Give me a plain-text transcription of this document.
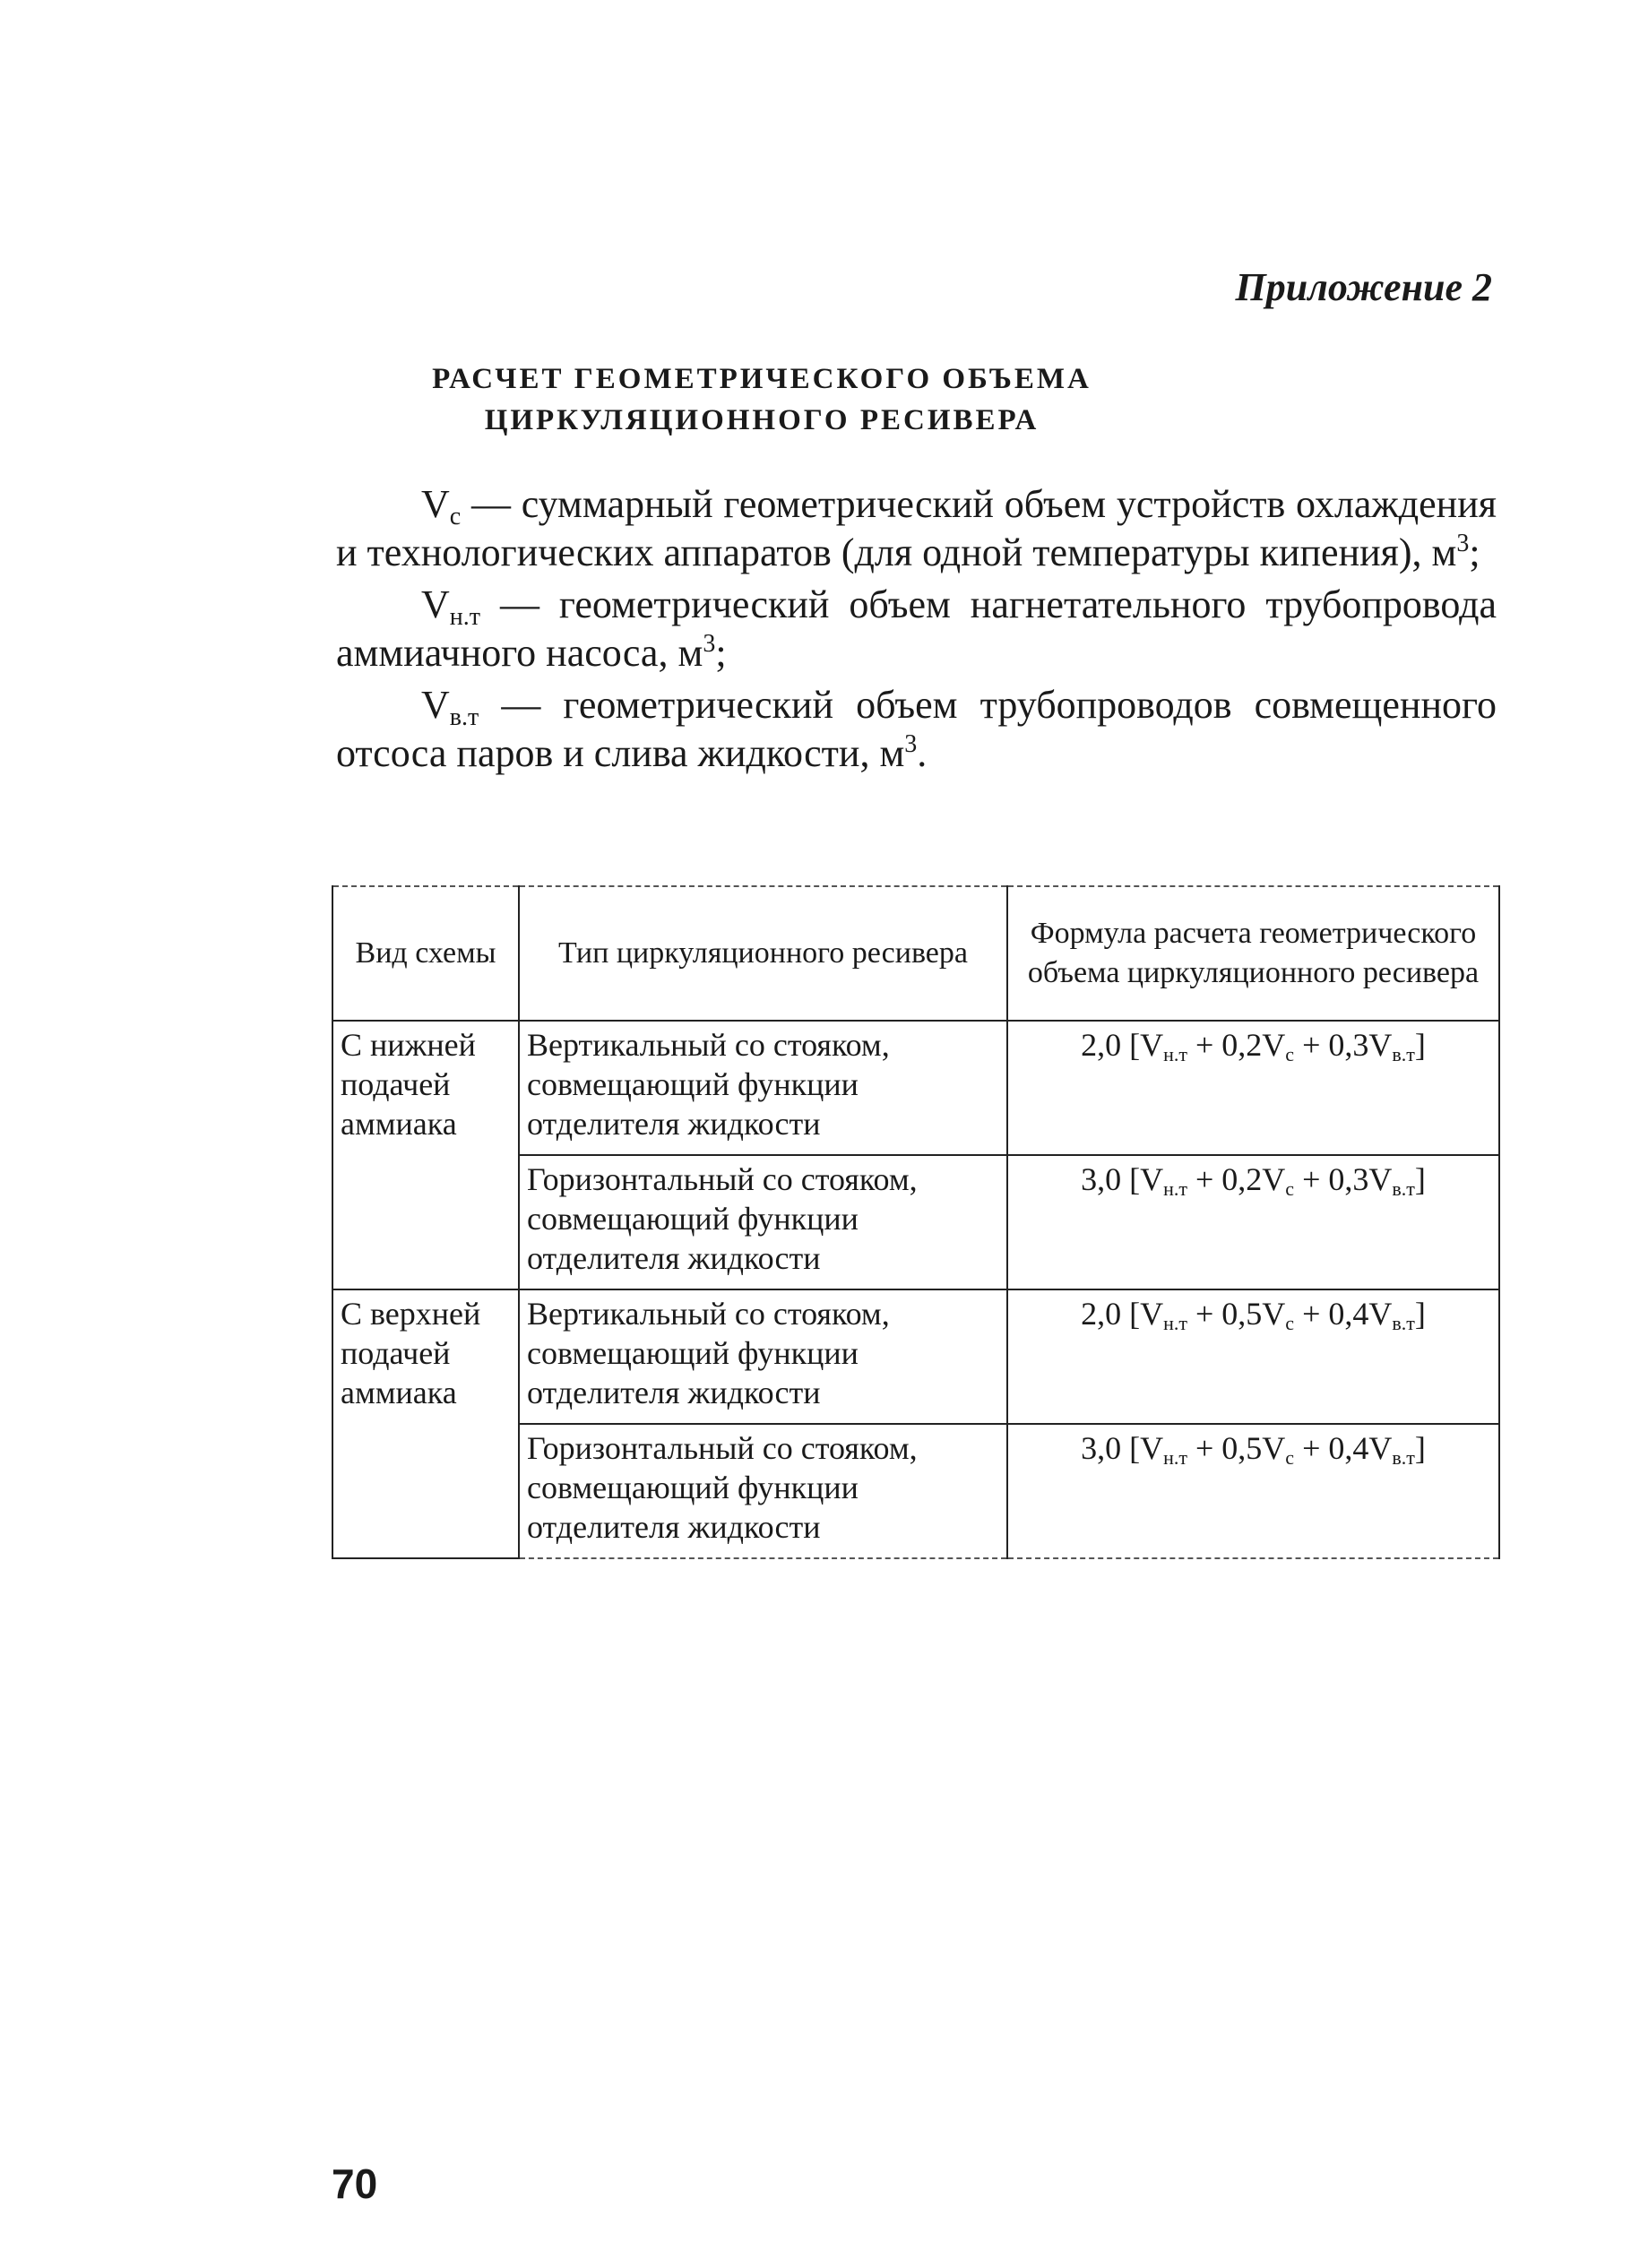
Приложение 2
РАСЧЕТ ГЕОМЕТРИЧЕСКОГО ОБЪЕМА
ЦИРКУЛЯЦИОННОГО РЕСИВЕРА

$V_c$ — суммарный геометрический объем устройств охлаждения и технологических аппаратов (для одной температуры кипения), $м^3$;

$V_{н.т}$ — геометрический объем нагнетательного трубопровода аммиачного насоса, $м^3$;

$V_{в.т}$ — геометрический объем трубопроводов совмещенного отсоса паров и слива жидкости, $м^3$.

Вид схемы	Тип циркуляционного ресивера	Формула расчета геометрического объема циркуляционного ресивера
С нижней подачей аммиака	Вертикальный со стояком, совмещающий функции отделителя жидкости	2,0 $[V_{н.т} + 0,2V_c + 0,3V_{в.т}]$
	Горизонтальный со стояком, совмещающий функции отделителя жидкости	3,0 $[V_{н.т} + 0,2V_c + 0,3V_{в.т}]$
С верхней подачей аммиака	Вертикальный со стояком, совмещающий функции отделителя жидкости	2,0 $[V_{н.т} + 0,5V_c + 0,4V_{в.т}]$
	Горизонтальный со стояком, совмещающий функции отделителя жидкости	3,0 $[V_{н.т} + 0,5V_c + 0,4V_{в.т}]$
70
